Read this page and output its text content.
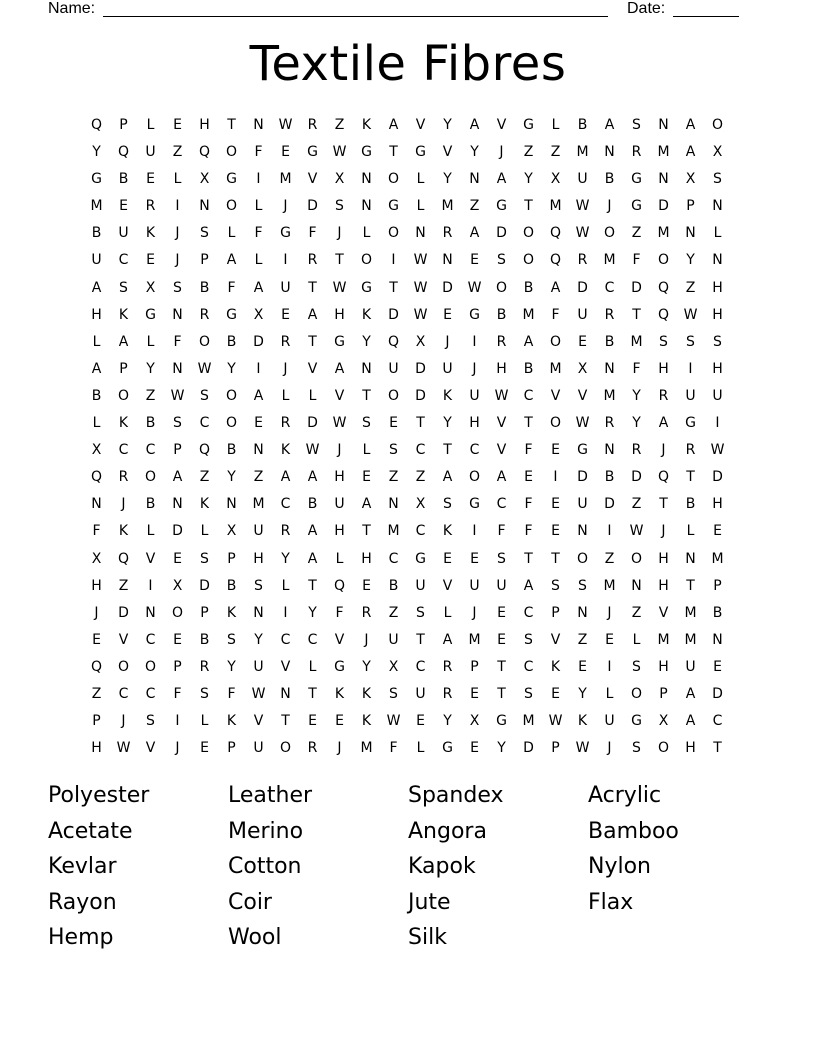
Name:	Date:
Textile Fibres
Q	P	L	E	H	T	N	W	R	Z	K	A	V	Y	A	V	G	L	B	A	S	N	A	O
Y	Q	U	Z	Q	O	F	E	G	W	G	T	G	V	Y	J	Z	Z	M	N	R	M	A	X
G	B	E	L	X	G	I	M	V	X	N	O	L	Y	N	A	Y	X	U	B	G	N	X	S
M	E	R	I	N	O	L	J	D	S	N	G	L	M	Z	G	T	M	W	J	G	D	P	N
B	U	K	J	S	L	F	G	F	J	L	O	N	R	A	D	O	Q	W	O	Z	M	N	L
U	C	E	J	P	A	L	I	R	T	O	I	W	N	E	S	O	Q	R	M	F	O	Y	N
A	S	X	S	B	F	A	U	T	W	G	T	W	D	W	O	B	A	D	C	D	Q	Z	H
H	K	G	N	R	G	X	E	A	H	K	D	W	E	G	B	M	F	U	R	T	Q	W	H
L	A	L	F	O	B	D	R	T	G	Y	Q	X	J	I	R	A	O	E	B	M	S	S	S
A	P	Y	N	W	Y	I	J	V	A	N	U	D	U	J	H	B	M	X	N	F	H	I	H
B	O	Z	W	S	O	A	L	L	V	T	O	D	K	U	W	C	V	V	M	Y	R	U	U
L	K	B	S	C	O	E	R	D	W	S	E	T	Y	H	V	T	O	W	R	Y	A	G	I
X	C	C	P	Q	B	N	K	W	J	L	S	C	T	C	V	F	E	G	N	R	J	R	W
Q	R	O	A	Z	Y	Z	A	A	H	E	Z	Z	A	O	A	E	I	D	B	D	Q	T	D
N	J	B	N	K	N	M	C	B	U	A	N	X	S	G	C	F	E	U	D	Z	T	B	H
F	K	L	D	L	X	U	R	A	H	T	M	C	K	I	F	F	E	N	I	W	J	L	E
X	Q	V	E	S	P	H	Y	A	L	H	C	G	E	E	S	T	T	O	Z	O	H	N	M
H	Z	I	X	D	B	S	L	T	Q	E	B	U	V	U	U	A	S	S	M	N	H	T	P
J	D	N	O	P	K	N	I	Y	F	R	Z	S	L	J	E	C	P	N	J	Z	V	M	B
E	V	C	E	B	S	Y	C	C	V	J	U	T	A	M	E	S	V	Z	E	L	M	M	N
Q	O	O	P	R	Y	U	V	L	G	Y	X	C	R	P	T	C	K	E	I	S	H	U	E
Z	C	C	F	S	F	W	N	T	K	K	S	U	R	E	T	S	E	Y	L	O	P	A	D
P	J	S	I	L	K	V	T	E	E	K	W	E	Y	X	G	M	W	K	U	G	X	A	C
H	W	V	J	E	P	U	O	R	J	M	F	L	G	E	Y	D	P	W	J	S	O	H	T
Polyester	Leather	Spandex	Acrylic
Acetate	Merino	Angora	Bamboo
Kevlar	Cotton	Kapok	Nylon
Rayon	Coir	Jute	Flax
Hemp	Wool	Silk
